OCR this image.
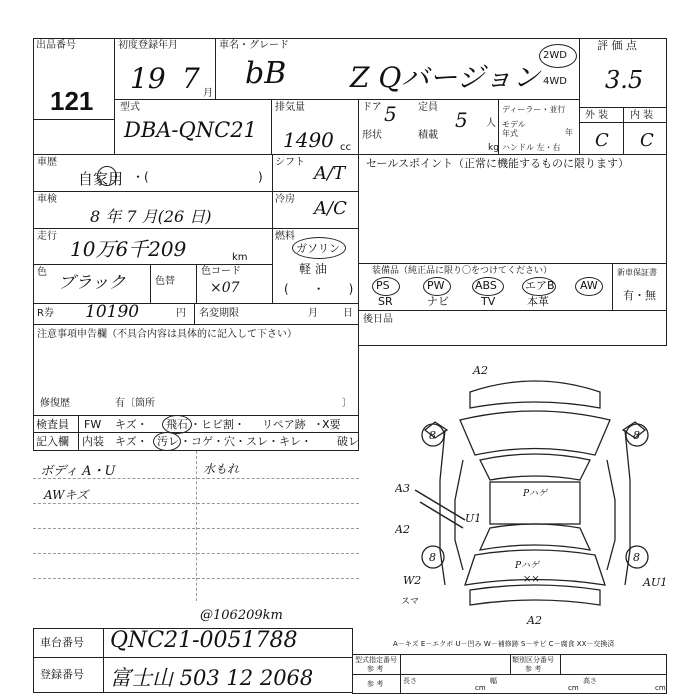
出品番号
121
初度登録年月
19 7 月
車名・グレード
bB Z Qバージョン
2WD
4WD
評 価 点
3.5
外 装 内 装
C C
型式
DBA-QNC21
排気量
1490 cc
ドア 5 定員
5 人
形状	積載
kg
ディーラー・並行
モデル年式	年
ハンドル 左・右
車歴
自家用 ・(	)
車検
8 年 7 月(26 日)
走行
10万6千209	km
色
ブラック	色替
色コード
×07
シフト
A/T
冷房 A/C
燃料
ガソリン
軽 油
(　　・　　)
R券 10190	円 名変期限	月	日
セールスポイント（正常に機能するものに限ります）
装備品（純正品に限り〇をつけてください）
PS	PW	ABS	エアB AW
SR	ナビ	TV	本革
新車保証書
有・無
後日品
注意事項申告欄（不具合内容は具体的に記入して下さい）
修復歴	有〔箇所	〕
検査員
記入欄
FW キズ・ 飛石 ・ヒビ割・ リペア跡 ・
X要
内装 キズ・ 汚レ ・コゲ・穴・スレ・キレ・ 破レ
ボディ A・U
AWキズ
水もれ
@106209km
A2
A3
A2
U1
W2	AU1
A2
8	8
8	8
Pハゲ
Pハゲ
××
スマ
車台番号 QNC21-0051788
登録番号 富士山 503 12 2068
A－キズ E－エクボ U－凹み W－補修跡 S－サビ C－腐食 XX－交換済
型式指定番号
参 考
類別区分番号
参 考
参 考	長さ
cm
幅
cm
高さ
cm
